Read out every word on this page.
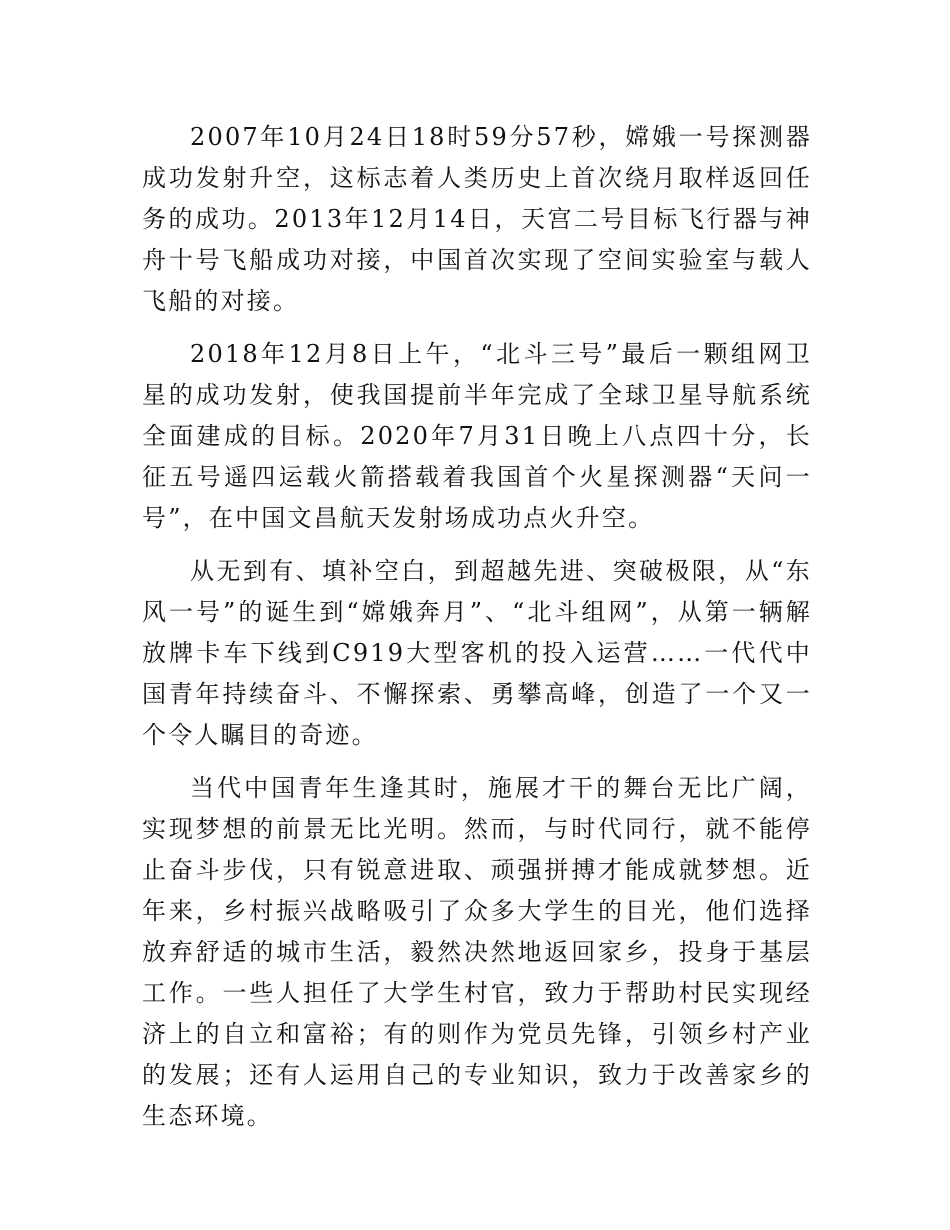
2007年10月24日18时59分57秒，嫦娥一号探测器成功发射升空，这标志着人类历史上首次绕月取样返回任务的成功。2013年12月14日，天宫二号目标飞行器与神舟十号飞船成功对接，中国首次实现了空间实验室与载人飞船的对接。

2018年12月8日上午，“北斗三号”最后一颗组网卫星的成功发射，使我国提前半年完成了全球卫星导航系统全面建成的目标。2020年7月31日晚上八点四十分，长征五号遥四运载火箭搭载着我国首个火星探测器“天问一号”，在中国文昌航天发射场成功点火升空。

从无到有、填补空白，到超越先进、突破极限，从“东风一号”的诞生到“嫦娥奔月”、“北斗组网”，从第一辆解放牌卡车下线到C919大型客机的投入运营……一代代中国青年持续奋斗、不懈探索、勇攀高峰，创造了一个又一个令人瞩目的奇迹。

当代中国青年生逢其时，施展才干的舞台无比广阔，实现梦想的前景无比光明。然而，与时代同行，就不能停止奋斗步伐，只有锐意进取、顽强拼搏才能成就梦想。近年来，乡村振兴战略吸引了众多大学生的目光，他们选择放弃舒适的城市生活，毅然决然地返回家乡，投身于基层工作。一些人担任了大学生村官，致力于帮助村民实现经济上的自立和富裕；有的则作为党员先锋，引领乡村产业的发展；还有人运用自己的专业知识，致力于改善家乡的生态环境。
